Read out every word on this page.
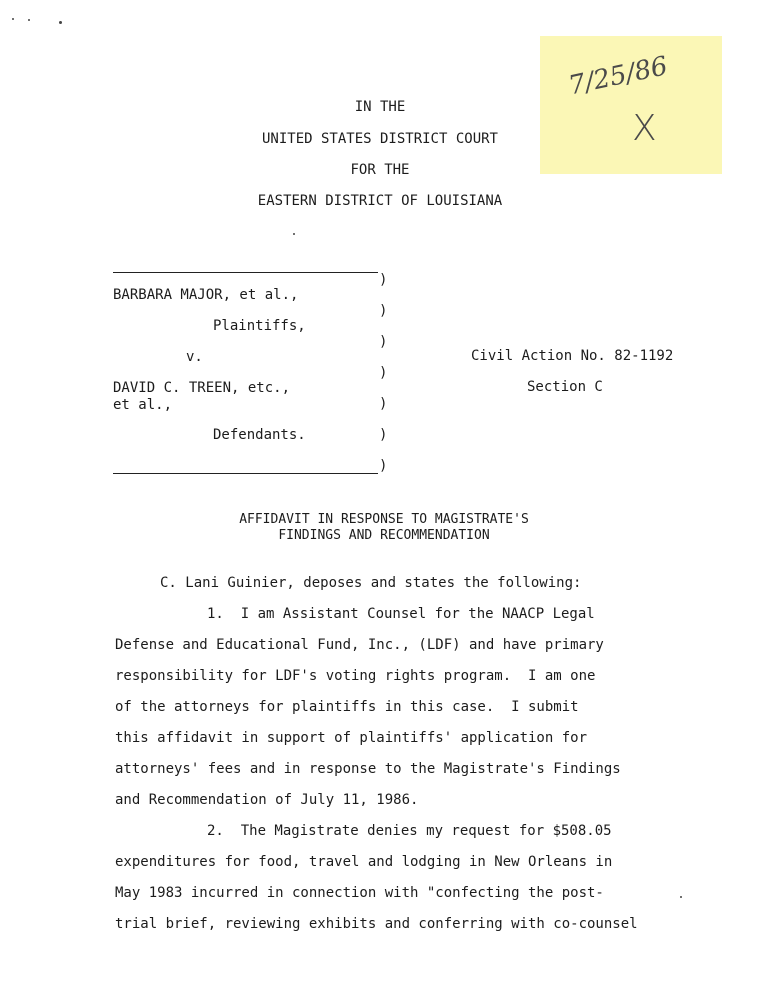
7/25/86
X
IN THE
UNITED STATES DISTRICT COURT
FOR THE
EASTERN DISTRICT OF LOUISIANA
)
)
)
)
)
)
)
BARBARA MAJOR, et al.,
Plaintiffs,
v.
DAVID C. TREEN, etc.,
et al.,
Defendants.
Civil Action No. 82-1192
Section C
AFFIDAVIT IN RESPONSE TO MAGISTRATE'S
FINDINGS AND RECOMMENDATION
C. Lani Guinier, deposes and states the following:
1.  I am Assistant Counsel for the NAACP Legal
Defense and Educational Fund, Inc., (LDF) and have primary
responsibility for LDF's voting rights program.  I am one
of the attorneys for plaintiffs in this case.  I submit
this affidavit in support of plaintiffs' application for
attorneys' fees and in response to the Magistrate's Findings
and Recommendation of July 11, 1986.
2.  The Magistrate denies my request for $508.05
expenditures for food, travel and lodging in New Orleans in
May 1983 incurred in connection with "confecting the post-
trial brief, reviewing exhibits and conferring with co-counsel
